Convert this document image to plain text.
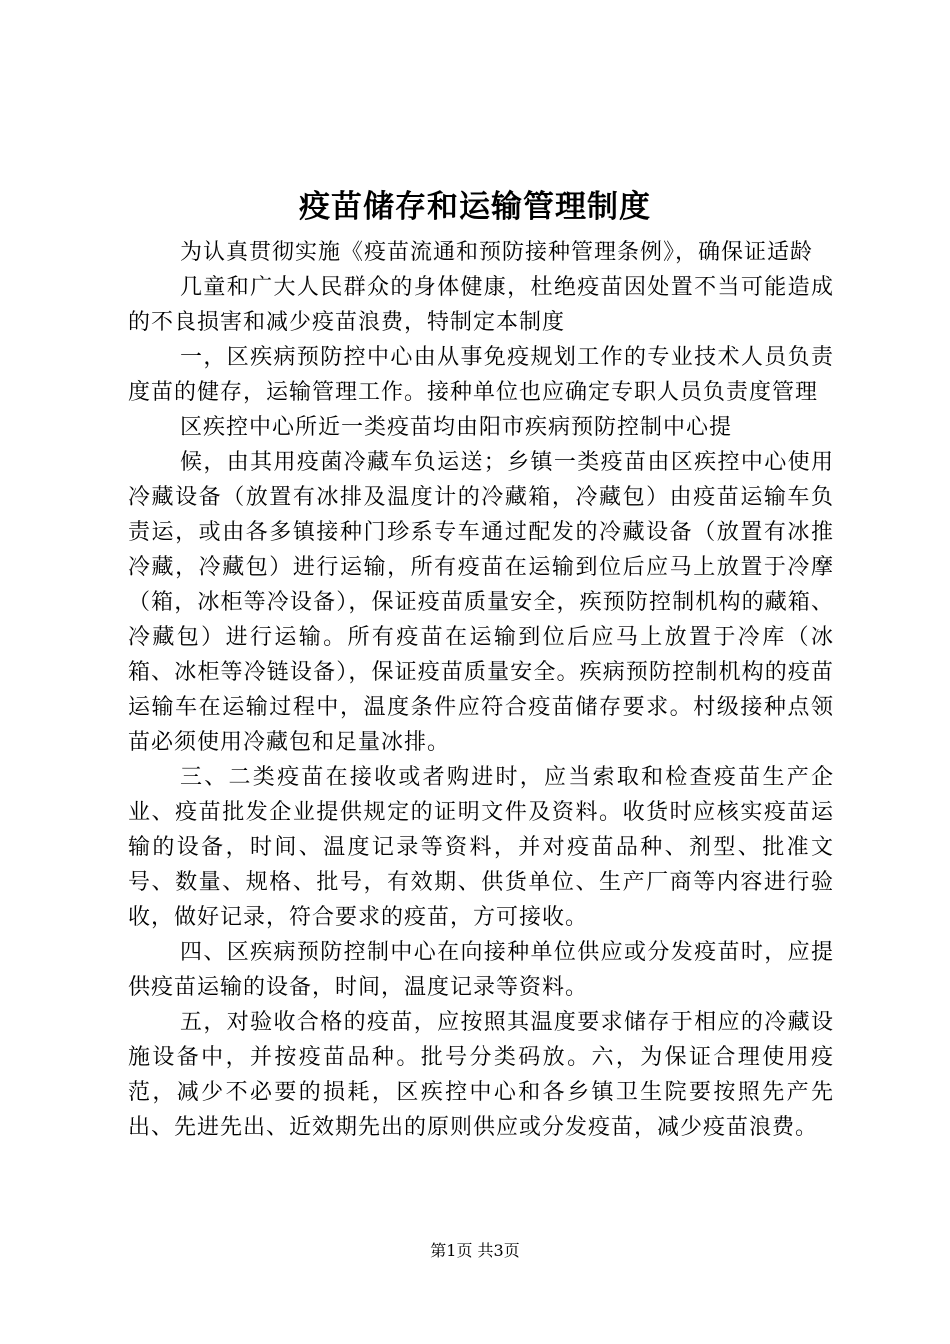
疫苗储存和运输管理制度

为认真贯彻实施《疫苗流通和预防接种管理条例》，确保证适龄

几童和广大人民群众的身体健康，杜绝疫苗因处置不当可能造成的不良损害和减少疫苗浪费，特制定本制度

一，区疾病预防控中心由从事免疫规划工作的专业技术人员负责度苗的健存，运输管理工作。接种单位也应确定专职人员负责度管理

区疾控中心所近一类疫苗均由阳市疾病预防控制中心提

候，由其用疫菌冷藏车负运送；乡镇一类疫苗由区疾控中心使用冷藏设备（放置有冰排及温度计的冷藏箱，冷藏包）由疫苗运输车负责运，或由各多镇接种门珍系专车通过配发的冷藏设备（放置有冰推冷藏，冷藏包）进行运输，所有疫苗在运输到位后应马上放置于冷摩（箱，冰柜等冷设备），保证疫苗质量安全，疾预防控制机构的藏箱、冷藏包）进行运输。所有疫苗在运输到位后应马上放置于冷库（冰箱、冰柜等冷链设备），保证疫苗质量安全。疾病预防控制机构的疫苗运输车在运输过程中，温度条件应符合疫苗储存要求。村级接种点领苗必须使用冷藏包和足量冰排。

三、二类疫苗在接收或者购进时，应当索取和检查疫苗生产企业、疫苗批发企业提供规定的证明文件及资料。收货时应核实疫苗运输的设备，时间、温度记录等资料，并对疫苗品种、剂型、批准文号、数量、规格、批号，有效期、供货单位、生产厂商等内容进行验收，做好记录，符合要求的疫苗，方可接收。

四、区疾病预防控制中心在向接种单位供应或分发疫苗时，应提供疫苗运输的设备，时间，温度记录等资料。

五，对验收合格的疫苗，应按照其温度要求储存于相应的冷藏设施设备中，并按疫苗品种。批号分类码放。六，为保证合理使用疫范，减少不必要的损耗，区疾控中心和各乡镇卫生院要按照先产先出、先进先出、近效期先出的原则供应或分发疫苗，减少疫苗浪费。

第1页 共3页
